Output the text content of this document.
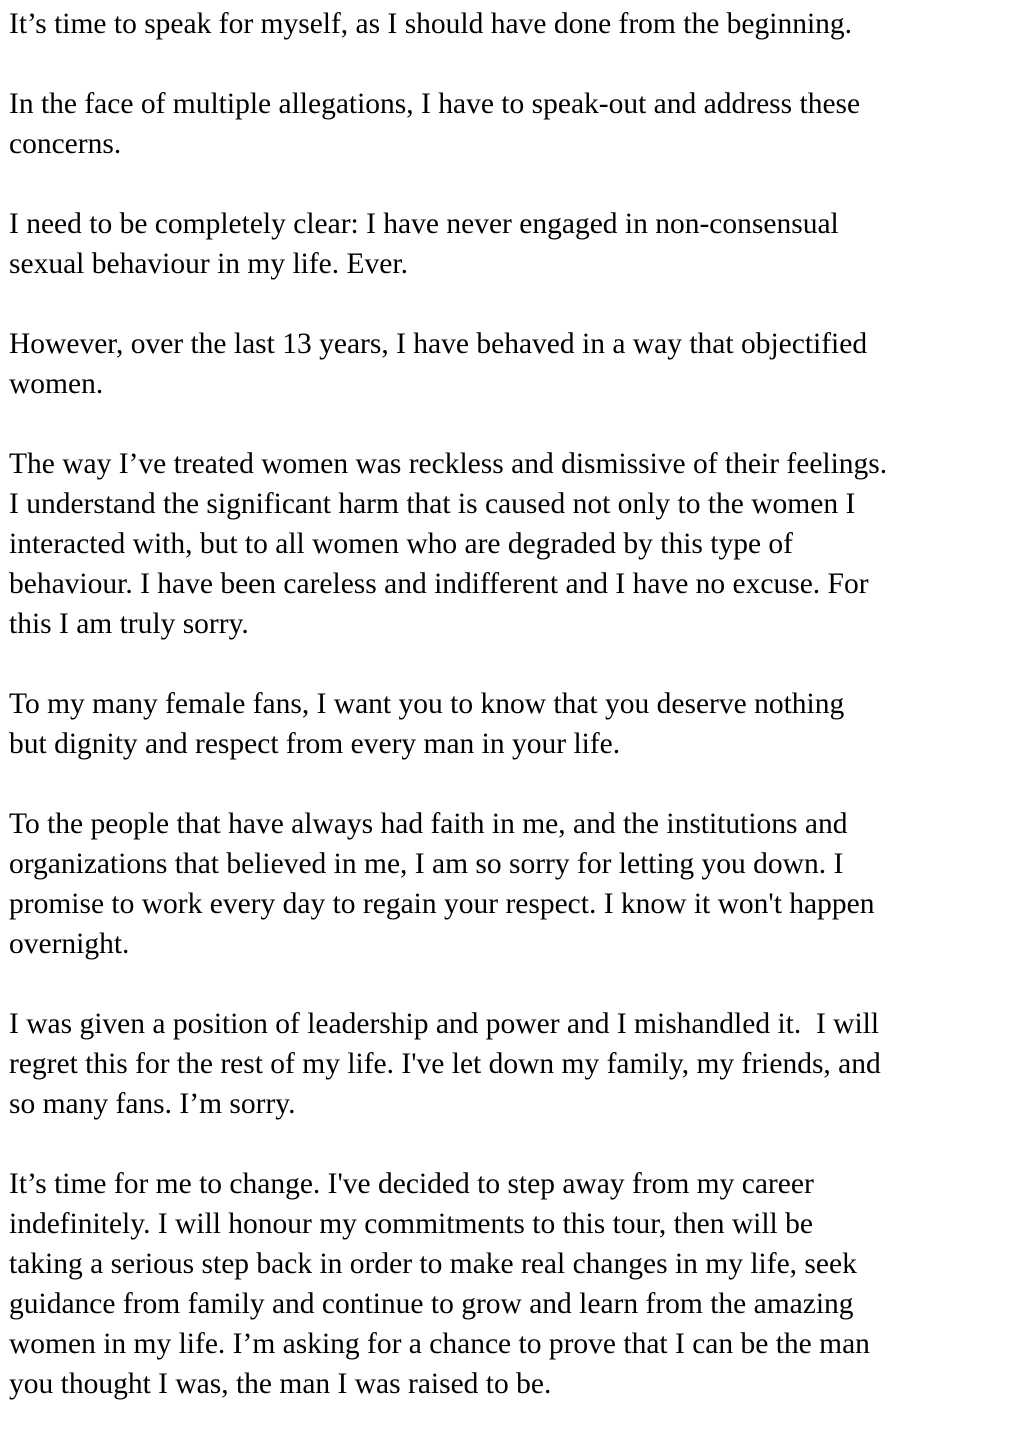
It’s time to speak for myself, as I should have done from the beginning.

In the face of multiple allegations, I have to speak-out and address these
concerns.

I need to be completely clear: I have never engaged in non-consensual
sexual behaviour in my life. Ever.

However, over the last 13 years, I have behaved in a way that objectified
women.

The way I’ve treated women was reckless and dismissive of their feelings.
I understand the significant harm that is caused not only to the women I
interacted with, but to all women who are degraded by this type of
behaviour. I have been careless and indifferent and I have no excuse. For
this I am truly sorry.

To my many female fans, I want you to know that you deserve nothing
but dignity and respect from every man in your life.

To the people that have always had faith in me, and the institutions and
organizations that believed in me, I am so sorry for letting you down. I
promise to work every day to regain your respect. I know it won't happen
overnight.

I was given a position of leadership and power and I mishandled it.  I will
regret this for the rest of my life. I've let down my family, my friends, and
so many fans. I’m sorry.

It’s time for me to change. I've decided to step away from my career
indefinitely. I will honour my commitments to this tour, then will be
taking a serious step back in order to make real changes in my life, seek
guidance from family and continue to grow and learn from the amazing
women in my life. I’m asking for a chance to prove that I can be the man
you thought I was, the man I was raised to be.
